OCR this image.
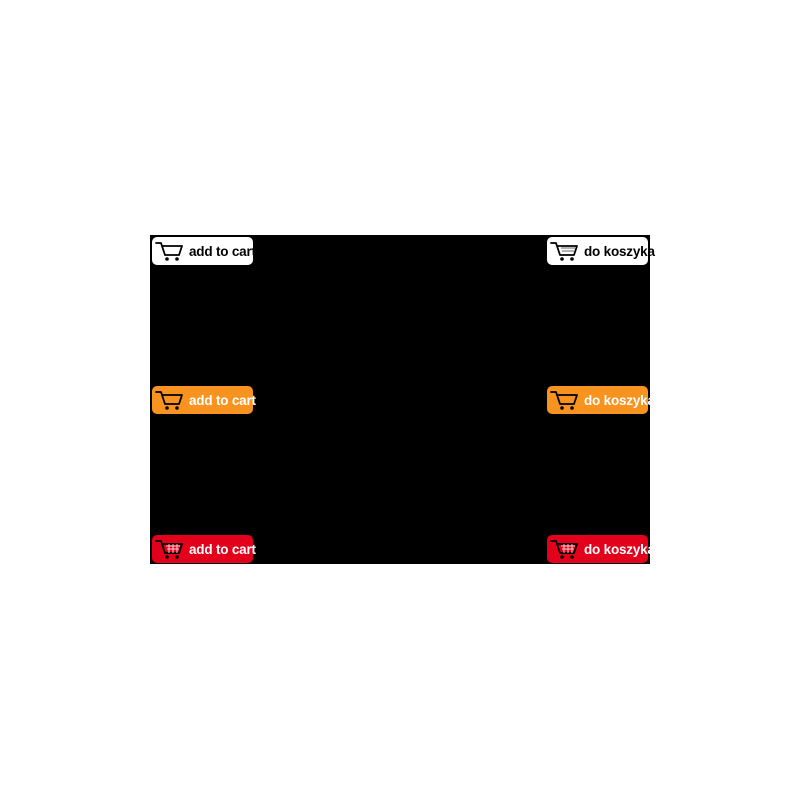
add to cart	do koszyka
add to cart	do koszyka
add to cart	do koszyka
